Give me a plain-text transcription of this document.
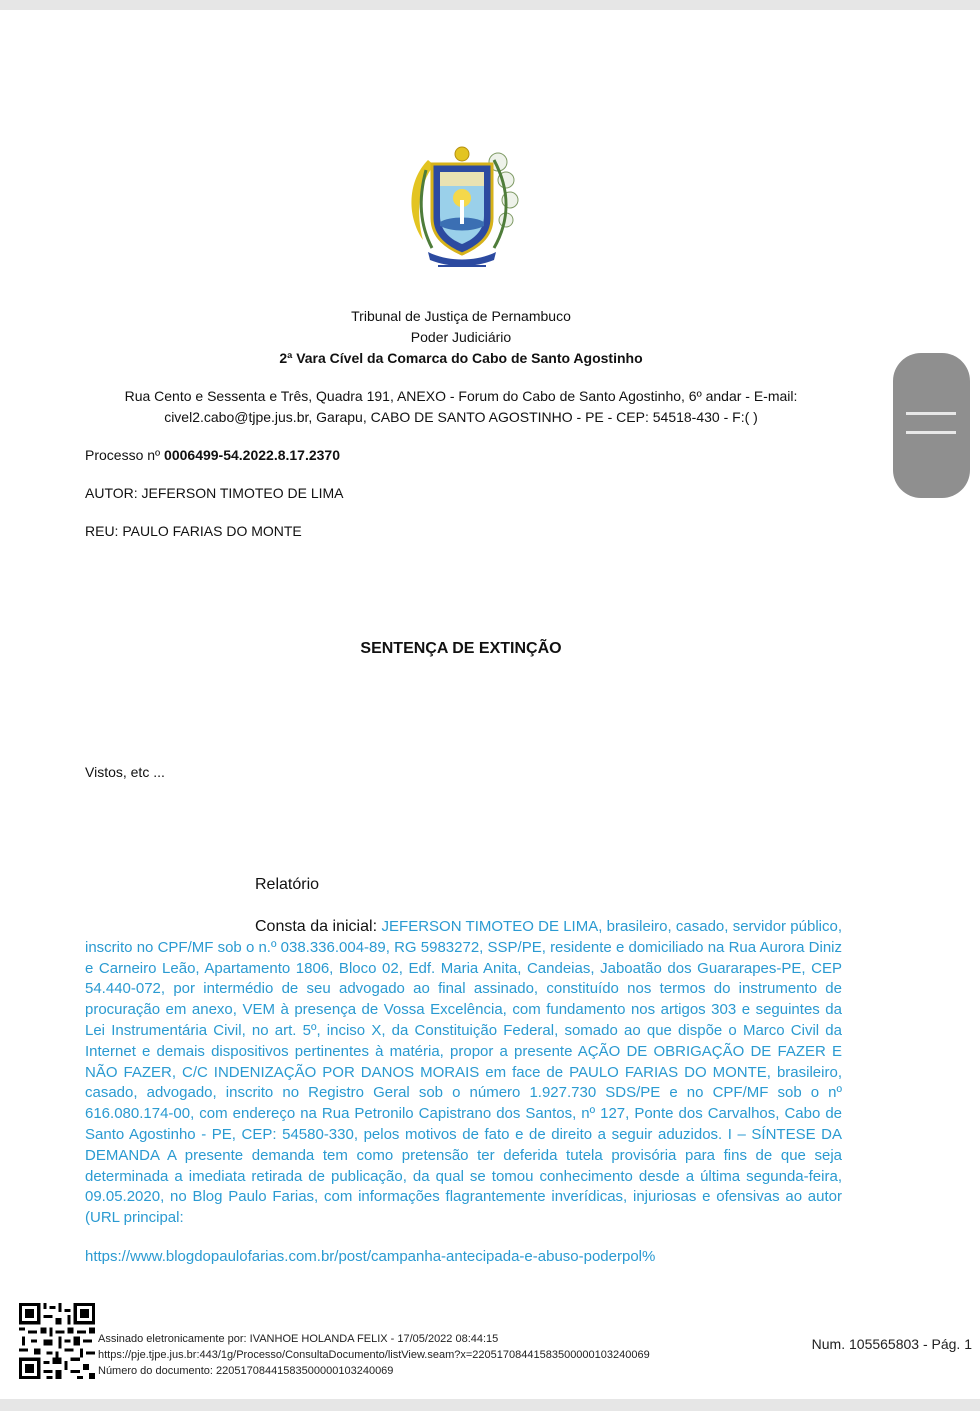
Tribunal de Justiça de Pernambuco
Poder Judiciário
2ª Vara Cível da Comarca do Cabo de Santo Agostinho
Rua Cento e Sessenta e Três, Quadra 191, ANEXO - Forum do Cabo de Santo Agostinho, 6º andar - E-mail:
civel2.cabo@tjpe.jus.br, Garapu, CABO DE SANTO AGOSTINHO - PE - CEP: 54518-430 - F:( )
Processo nº 0006499-54.2022.8.17.2370
AUTOR: JEFERSON TIMOTEO DE LIMA
REU: PAULO FARIAS DO MONTE
SENTENÇA DE EXTINÇÃO
Vistos, etc ...
Relatório
Consta da inicial: JEFERSON TIMOTEO DE LIMA, brasileiro, casado, servidor público, inscrito no CPF/MF sob o n.º 038.336.004-89, RG 5983272, SSP/PE, residente e domiciliado na Rua Aurora Diniz e Carneiro Leão, Apartamento 1806, Bloco 02, Edf. Maria Anita, Candeias, Jaboatão dos Guararapes-PE, CEP 54.440-072, por intermédio de seu advogado ao final assinado, constituído nos termos do instrumento de procuração em anexo, VEM à presença de Vossa Excelência, com fundamento nos artigos 303 e seguintes da Lei Instrumentária Civil, no art. 5º, inciso X, da Constituição Federal, somado ao que dispõe o Marco Civil da Internet e demais dispositivos pertinentes à matéria, propor a presente AÇÃO DE OBRIGAÇÃO DE FAZER E NÃO FAZER, C/C INDENIZAÇÃO POR DANOS MORAIS em face de PAULO FARIAS DO MONTE, brasileiro, casado, advogado, inscrito no Registro Geral sob o número 1.927.730 SDS/PE e no CPF/MF sob o nº 616.080.174-00, com endereço na Rua Petronilo Capistrano dos Santos, nº 127, Ponte dos Carvalhos, Cabo de Santo Agostinho - PE, CEP: 54580-330, pelos motivos de fato e de direito a seguir aduzidos. I – SÍNTESE DA DEMANDA A presente demanda tem como pretensão ter deferida tutela provisória para fins de que seja determinada a imediata retirada de publicação, da qual se tomou conhecimento desde a última segunda-feira, 09.05.2020, no Blog Paulo Farias, com informações flagrantemente inverídicas, injuriosas e ofensivas ao autor (URL principal:
https://www.blogdopaulofarias.com.br/post/campanha-antecipada-e-abuso-poderpol%
Assinado eletronicamente por: IVANHOE HOLANDA FELIX - 17/05/2022 08:44:15
https://pje.tjpe.jus.br:443/1g/Processo/ConsultaDocumento/listView.seam?x=22051708441583500000103240069
Número do documento: 22051708441583500000103240069
Num. 105565803 - Pág. 1
